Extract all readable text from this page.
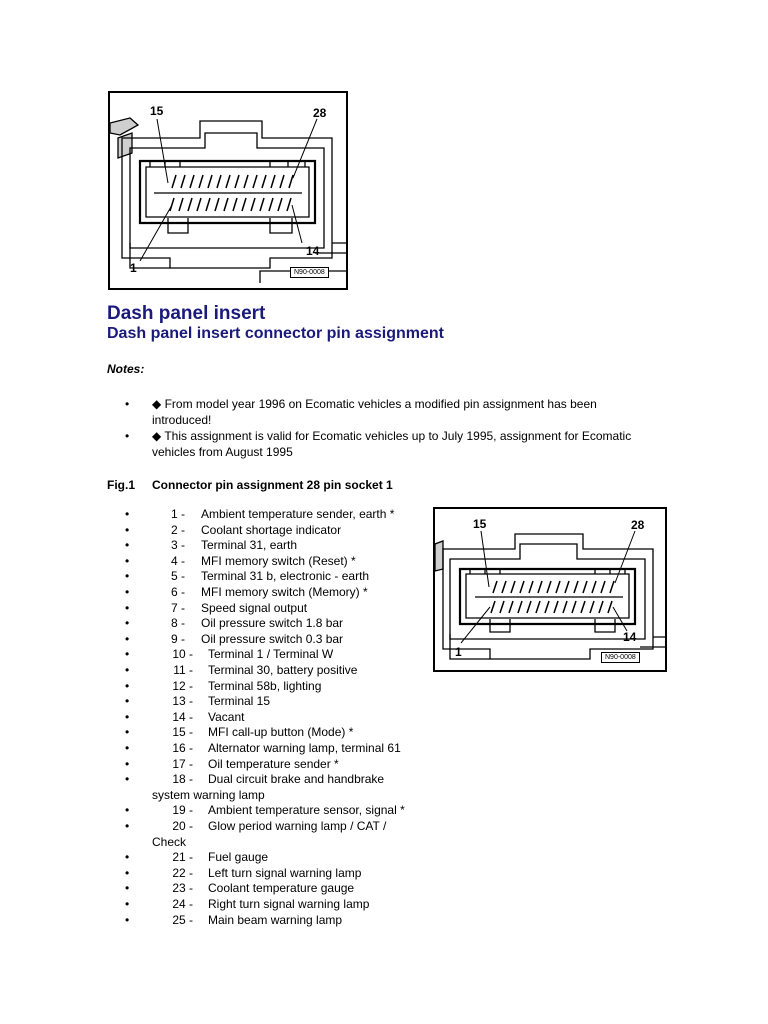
15	28
14
1	N90-0008
Dash panel insert
Dash panel insert connector pin assignment
Notes:
• ◆ From model year 1996 on Ecomatic vehicles a modified pin assignment has been
introduced!
• ◆ This assignment is valid for Ecomatic vehicles up to July 1995, assignment for Ecomatic
vehicles from August 1995
Fig.1 Connector pin assignment 28 pin socket 1
•	1 - Ambient temperature sender, earth *
•	2 - Coolant shortage indicator
•	3 - Terminal 31, earth
•	4 - MFI memory switch (Reset) *
•	5 - Terminal 31 b, electronic - earth
•	6 - MFI memory switch (Memory) *
•	7 - Speed signal output
•	8 - Oil pressure switch 1.8 bar
•	9 - Oil pressure switch 0.3 bar
•	10 - Terminal 1 / Terminal W
•	11 - Terminal 30, battery positive
•	12 - Terminal 58b, lighting
•	13 - Terminal 15
•	14 - Vacant
•	15 - MFI call-up button (Mode) *
•	16 - Alternator warning lamp, terminal 61
•	17 - Oil temperature sender *
•	18 - Dual circuit brake and handbrake
system warning lamp
•	19 - Ambient temperature sensor, signal *
•	20 - Glow period warning lamp / CAT /
Check
•	21 - Fuel gauge
•	22 - Left turn signal warning lamp
•	23 - Coolant temperature gauge
•	24 - Right turn signal warning lamp
•	25 - Main beam warning lamp
15	28
14
1	N90-0008
